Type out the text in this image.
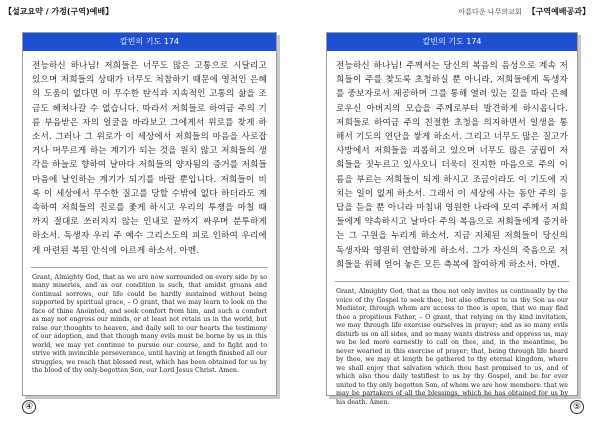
【설교요약 / 가정(구역)예배】
칼빈의 기도 174

전능하신 하나님! 저희들은 너무도 많은 고통으로 시달리고 있으며 저희들의 상태가 너무도 처참하기 때문에 영적인 은혜의 도움이 없다면 이 무수한 탄식과 지속적인 고통의 삶을 조금도 헤쳐나갈 수 없습니다. 따라서 저희들로 하여금 주의 기름 부음받은 자의 얼굴을 바라보고 그에게서 위로를 찾게 하소서. 그러나 그 위로가 이 세상에서 저희들의 마음을 사로잡거나 머무르게 하는 계기가 되는 것을 원치 않고 저희들의 생각을 하늘로 향하여 날마다 저희들의 양자됨의 증거를 저희들 마음에 날인하는 계기가 되기를 바랄 뿐입니다. 저희들이 비록 이 세상에서 무수한 질고를 당할 수밖에 없다 하더라도 계속하여 저희들의 진로를 좇게 하시고 우리의 투쟁을 마칠 때까지 절대로 쓰러지지 않는 인내로 끝까지 싸우며 분투하게 하소서. 독생자 우리 주 예수 그리스도의 피로 인하여 우리에게 마련된 복된 안식에 이르게 하소서. 아멘.

Grant, Almighty God, that as we are now surrounded on every side by so many miseries, and as our condition is such, that amidst groans and continual sorrows, our life could be hardly sustained without being supported by spiritual grace, – O grant, that we may learn to look on the face of thine Anointed, and seek comfort from him, and such a comfort as may not engross our minds, or at least not retain us in the world, but raise our thoughts to heaven, and daily sell to our hearts the testimony of our adoption, and that though many evils must be borne by us in this world, we may yet continue to pursue our course, and to fight and to strive with invincible perseverance, until having at length finished all our struggles, we reach that blessed rest, which has been obtained for us by the blood of thy only-begotten Son, our Lord Jesus Christ. Amen.

④
아름다운 나무의교회 【구역예배공과】
칼빈의 기도 174

전능하신 하나님! 주께서는 당신의 복음의 음성으로 계속 저희들이 주를 찾도록 초청하실 뿐 아니라, 저희들에게 독생자를 중보자로서 제공하며 그를 통해 열려 있는 길을 따라 은혜로우신 아버지의 모습을 주께로부터 발견하게 하시옵니다. 저희들로 하여금 주의 친절한 초청을 의지하면서 일생을 통해서 기도의 연단을 쌓게 하소서. 그리고 너무도 많은 질고가 사방에서 저희들을 괴롭히고 있으며 너무도 많은 궁핍이 저희들을 짓누르고 있사오니 더욱더 진지한 마음으로 주의 이름을 부르는 저희들이 되게 하시고 조금이라도 이 기도에 지치는 일이 없게 하소서. 그래서 이 세상에 사는 동안 주의 응답을 듣을 뿐 아니라 마침내 영원한 나라에 모여 주께서 저희들에게 약속하시고 날마다 주의 복음으로 저희들에게 증거하는 그 구원을 누리게 하소서. 지금 지체된 저희들이 당신의 독생자와 영원히 연합하게 하소서. 그가 자신의 죽음으로 저희들을 위해 얻어 놓은 모든 축복에 참여하게 하소서. 아멘.

Grant, Almighty God, that as thou not only invites us continually by the voice of thy Gospel to seek thee, but also offerest to us thy Son as our Mediator, through whom are access to thee is open, that we may find thee a propitious Father, – O grant, that relying on thy kind invitation, we may through life exercise ourselves in prayer; and as so many evils disturb us on all sides, and so many wants distress and oppress us, may we be led more earnestly to call on thee, and, in the meantime, be never wearied in this exercise of prayer; that, being through life heard by thee, we may at length be gathered to thy eternal kingdom, where we shall enjoy that salvation which thou hast promised to us, and of which also thou daily testifiest to us by thy Gospel, and be for ever united to thy only begotten Son, of whom we are how members: that we may be partakers of all the blessings, which he has obtained for us by his death. Amen.	⑤
